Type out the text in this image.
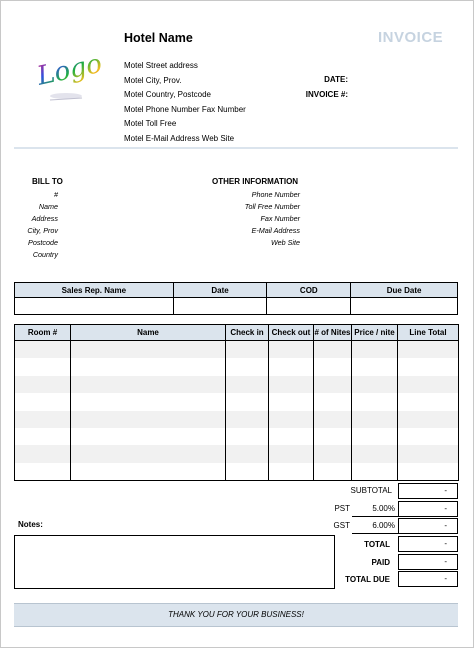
Logo
Hotel Name	INVOICE
Motel Street address
Motel City, Prov.
Motel Country, Postcode
Motel Phone Number Fax Number
Motel Toll Free
Motel E-Mail Address Web Site
DATE:
INVOICE #:
BILL TO
#
Name
Address
City, Prov
Postcode
Country
OTHER INFORMATION
Phone Number
Toll Free Number
Fax Number
E-Mail Address
Web Site
Sales Rep. Name	Date	COD	Due Date

Room #	Name	Check in	Check out	# of Nites	Price / nite	Line Total

SUBTOTAL	-
PST	5.00%	-
GST	6.00%	-
TOTAL	-
PAID	-
TOTAL DUE	-
Notes:
THANK YOU FOR YOUR BUSINESS!
